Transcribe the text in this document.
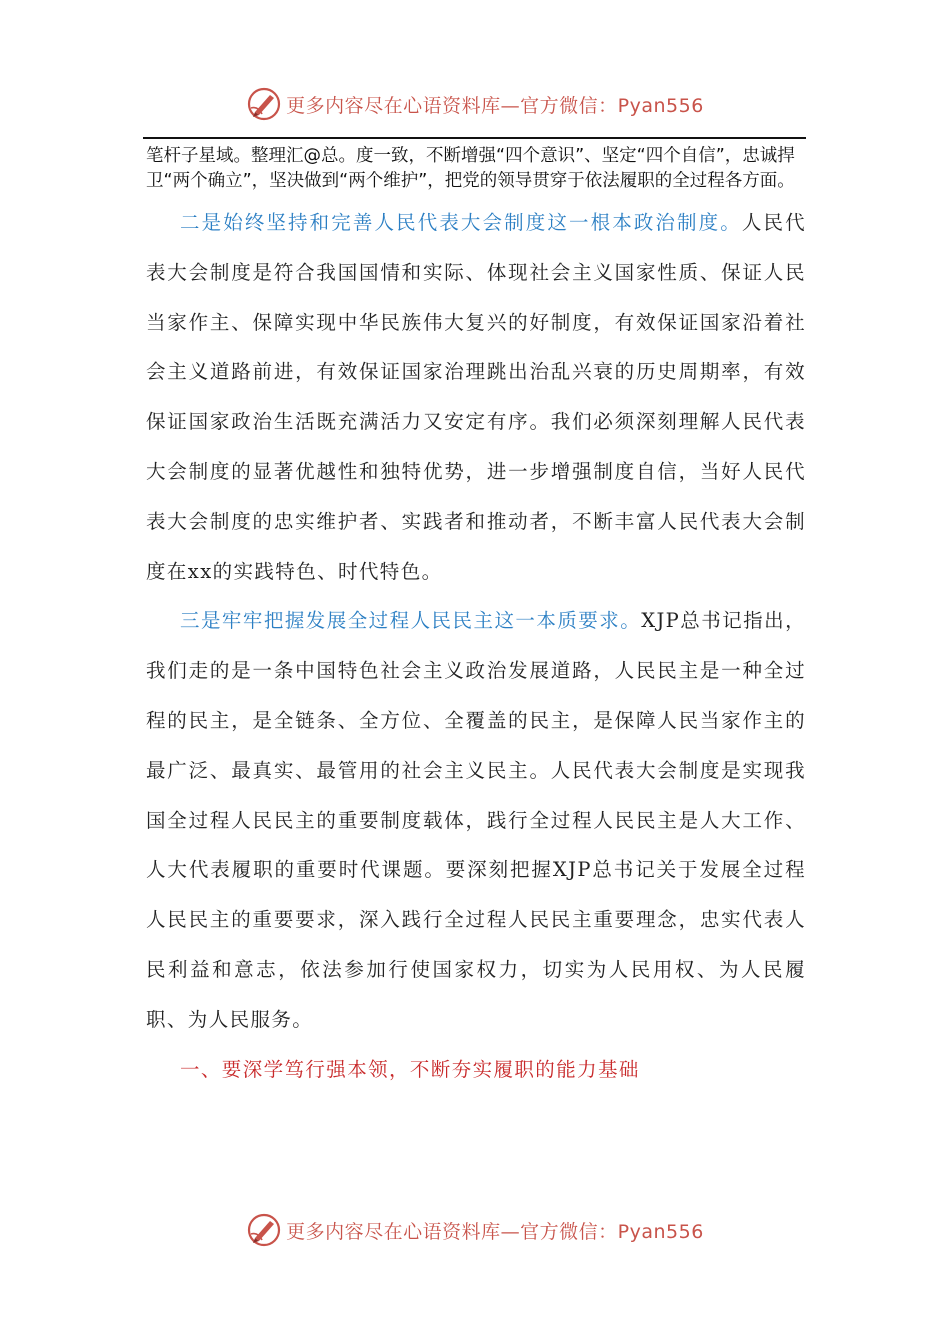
更多内容尽在心语资料库—官方微信：Pyan556

笔杆子星域。整理汇@总。度一致，不断增强“四个意识”、坚定“四个自信”，忠诚捍卫“两个确立”，坚决做到“两个维护”，把党的领导贯穿于依法履职的全过程各方面。

二是始终坚持和完善人民代表大会制度这一根本政治制度。人民代表大会制度是符合我国国情和实际、体现社会主义国家性质、保证人民当家作主、保障实现中华民族伟大复兴的好制度，有效保证国家沿着社会主义道路前进，有效保证国家治理跳出治乱兴衰的历史周期率，有效保证国家政治生活既充满活力又安定有序。我们必须深刻理解人民代表大会制度的显著优越性和独特优势，进一步增强制度自信，当好人民代表大会制度的忠实维护者、实践者和推动者，不断丰富人民代表大会制度在xx的实践特色、时代特色。

三是牢牢把握发展全过程人民民主这一本质要求。XJP总书记指出，我们走的是一条中国特色社会主义政治发展道路，人民民主是一种全过程的民主，是全链条、全方位、全覆盖的民主，是保障人民当家作主的最广泛、最真实、最管用的社会主义民主。人民代表大会制度是实现我国全过程人民民主的重要制度载体，践行全过程人民民主是人大工作、人大代表履职的重要时代课题。要深刻把握XJP总书记关于发展全过程人民民主的重要要求，深入践行全过程人民民主重要理念，忠实代表人民利益和意志，依法参加行使国家权力，切实为人民用权、为人民履职、为人民服务。

一、要深学笃行强本领，不断夯实履职的能力基础

更多内容尽在心语资料库—官方微信：Pyan556
